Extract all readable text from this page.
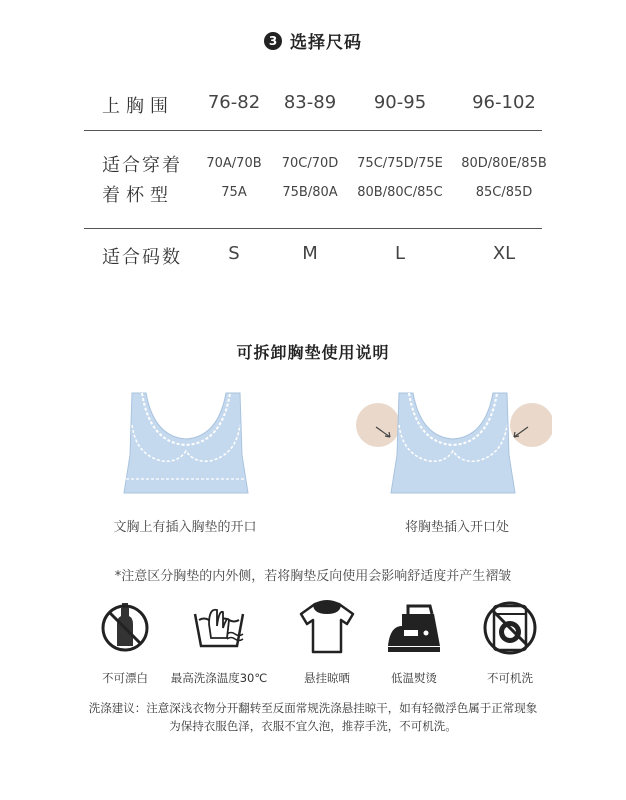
3 选择尺码
上胸围	76-82	83-89	90-95	96-102
适合穿着
着杯型
70A/70B	70C/70D	75C/75D/75E	80D/80E/85B
75A	75B/80A	80B/80C/85C	85C/85D
适合码数	S	M	L	XL
可拆卸胸垫使用说明
文胸上有插入胸垫的开口	将胸垫插入开口处
*注意区分胸垫的内外侧，若将胸垫反向使用会影响舒适度并产生褶皱
不可漂白	最高洗涤温度30℃	悬挂晾晒	低温熨烫	不可机洗
洗涤建议：注意深浅衣物分开翻转至反面常规洗涤悬挂晾干，如有轻微浮色属于正常现象
为保持衣服色泽，衣服不宜久泡，推荐手洗，不可机洗。
